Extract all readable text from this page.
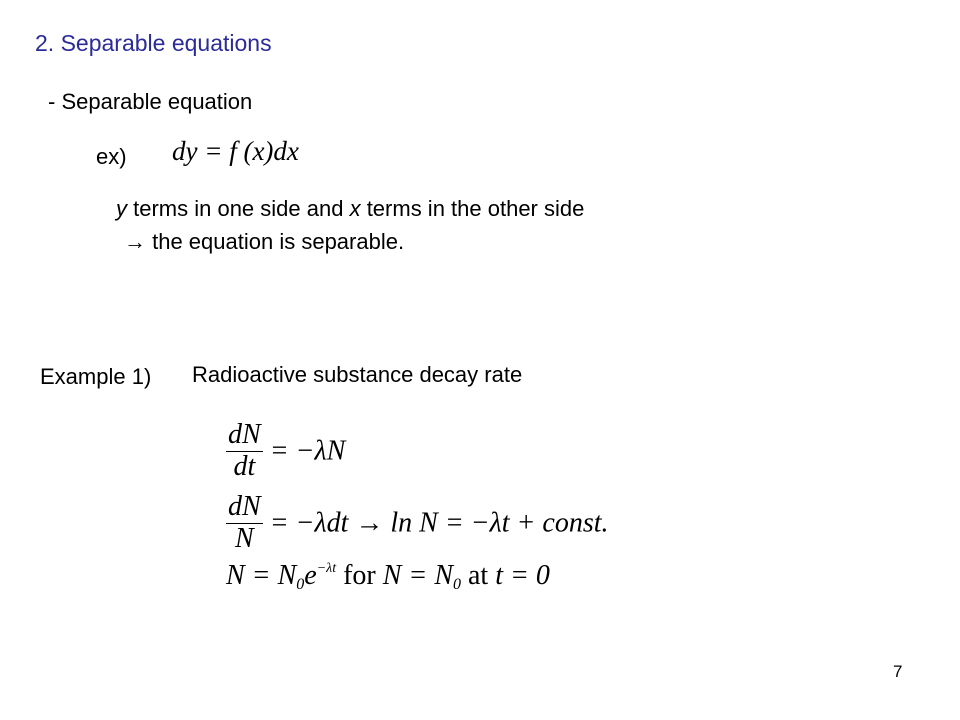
2. Separable equations
- Separable equation
ex) dy = f (x)dx
y terms in one side and x terms in the other side
→ the equation is separable.
Example 1) Radioactive substance decay rate
$\frac{dN}{dt} = -\lambda N$
$\frac{dN}{N} = -\lambda dt \to \ln N = -\lambda t$ + const.
$N = N_0e^{-\lambda t}$ for $N = N_0$ at t = 0
7
